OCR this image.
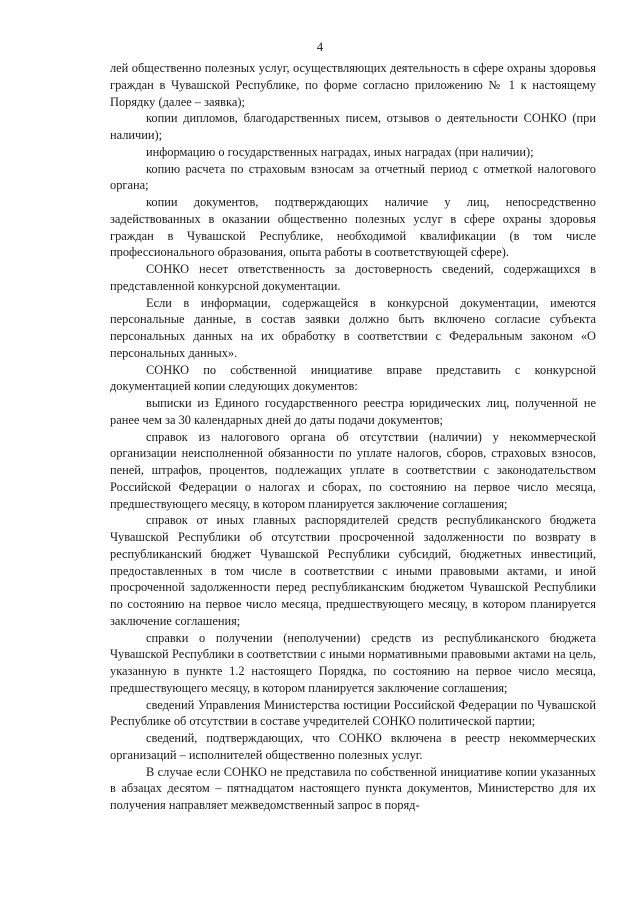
4

лей общественно полезных услуг, осуществляющих деятельность в сфере охраны здоровья граждан в Чувашской Республике, по форме согласно приложению № 1 к настоящему Порядку (далее – заявка);

копии дипломов, благодарственных писем, отзывов о деятельности СОНКО (при наличии);

информацию о государственных наградах, иных наградах (при наличии);

копию расчета по страховым взносам за отчетный период с отметкой налогового органа;

копии документов, подтверждающих наличие у лиц, непосредственно задействованных в оказании общественно полезных услуг в сфере охраны здоровья граждан в Чувашской Республике, необходимой квалификации (в том числе профессионального образования, опыта работы в соответствующей сфере).

СОНКО несет ответственность за достоверность сведений, содержащихся в представленной конкурсной документации.

Если в информации, содержащейся в конкурсной документации, имеются персональные данные, в состав заявки должно быть включено согласие субъекта персональных данных на их обработку в соответствии с Федеральным законом «О персональных данных».

СОНКО по собственной инициативе вправе представить с конкурсной документацией копии следующих документов:

выписки из Единого государственного реестра юридических лиц, полученной не ранее чем за 30 календарных дней до даты подачи документов;

справок из налогового органа об отсутствии (наличии) у некоммерческой организации неисполненной обязанности по уплате налогов, сборов, страховых взносов, пеней, штрафов, процентов, подлежащих уплате в соответствии с законодательством Российской Федерации о налогах и сборах, по состоянию на первое число месяца, предшествующего месяцу, в котором планируется заключение соглашения;

справок от иных главных распорядителей средств республиканского бюджета Чувашской Республики об отсутствии просроченной задолженности по возврату в республиканский бюджет Чувашской Республики субсидий, бюджетных инвестиций, предоставленных в том числе в соответствии с иными правовыми актами, и иной просроченной задолженности перед республиканским бюджетом Чувашской Республики по состоянию на первое число месяца, предшествующего месяцу, в котором планируется заключение соглашения;

справки о получении (неполучении) средств из республиканского бюджета Чувашской Республики в соответствии с иными нормативными правовыми актами на цель, указанную в пункте 1.2 настоящего Порядка, по состоянию на первое число месяца, предшествующего месяцу, в котором планируется заключение соглашения;

сведений Управления Министерства юстиции Российской Федерации по Чувашской Республике об отсутствии в составе учредителей СОНКО политической партии;

сведений, подтверждающих, что СОНКО включена в реестр некоммерческих организаций – исполнителей общественно полезных услуг.

В случае если СОНКО не представила по собственной инициативе копии указанных в абзацах десятом – пятнадцатом настоящего пункта документов, Министерство для их получения направляет межведомственный запрос в поряд-
